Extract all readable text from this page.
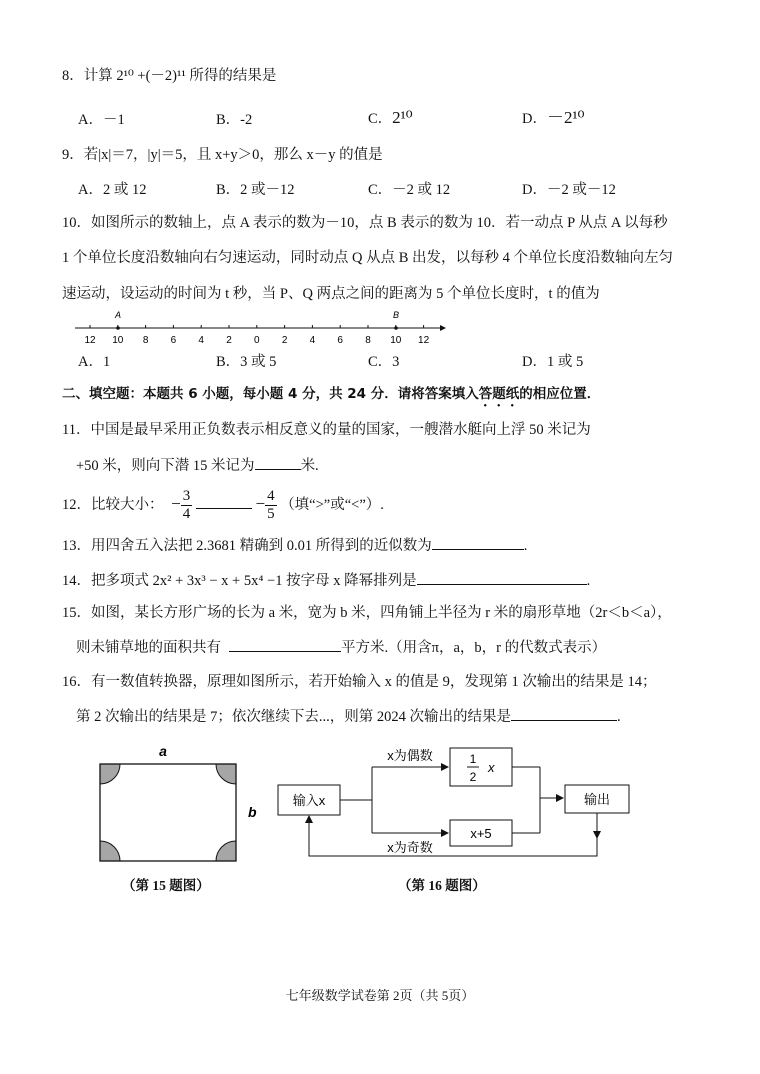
8．计算 2¹⁰ +(－2)¹¹ 所得的结果是
A．－1	B．-2	C．2¹⁰	D．－2¹⁰
9．若|x|＝7，|y|＝5，且 x+y＞0，那么 x－y 的值是
A．2 或 12	B．2 或－12	C．－2 或 12	D．－2 或－12
10．如图所示的数轴上，点 A 表示的数为－10，点 B 表示的数为 10．若一动点 P 从点 A 以每秒
1 个单位长度沿数轴向右匀速运动，同时动点 Q 从点 B 出发，以每秒 4 个单位长度沿数轴向左匀
速运动，设运动的时间为 t 秒，当 P、Q 两点之间的距离为 5 个单位长度时，t 的值为
12 10 8 6 4 2 0 2 4 6 8 10 12
A	B
A．1	B．3 或 5	C．3	D．1 或 5
二、填空题：本题共 6 小题，每小题 4 分，共 24 分．请将答案填入答题纸的相应位置．
11．中国是最早采用正负数表示相反意义的量的国家，一艘潜水艇向上浮 50 米记为
+50 米，则向下潜 15 米记为	米.
12．比较大小： − $\frac{3}{4}$	− $\frac{4}{5}$ （填“>”或“<”）.
13．用四舍五入法把 2.3681 精确到 0.01 所得到的近似数为	.
14．把多项式 2x² + 3x³ − x + 5x⁴ −1 按字母 x 降幂排列是	.
15．如图，某长方形广场的长为 a 米，宽为 b 米，四角铺上半径为 r 米的扇形草地（2r＜b＜a），
则未铺草地的面积共有	平方米.（用含π，a，b，r 的代数式表示）
16．有一数值转换器，原理如图所示，若开始输入 x 的值是 9，发现第 1 次输出的结果是 14；
第 2 次输出的结果是 7；依次继续下去...，则第 2024 次输出的结果是	.
a
b
（第 15 题图）
输入x
x为偶数
x为奇数
1
2
x
x+5
输出
（第 16 题图）
七年级数学试卷第 2页（共 5页）
